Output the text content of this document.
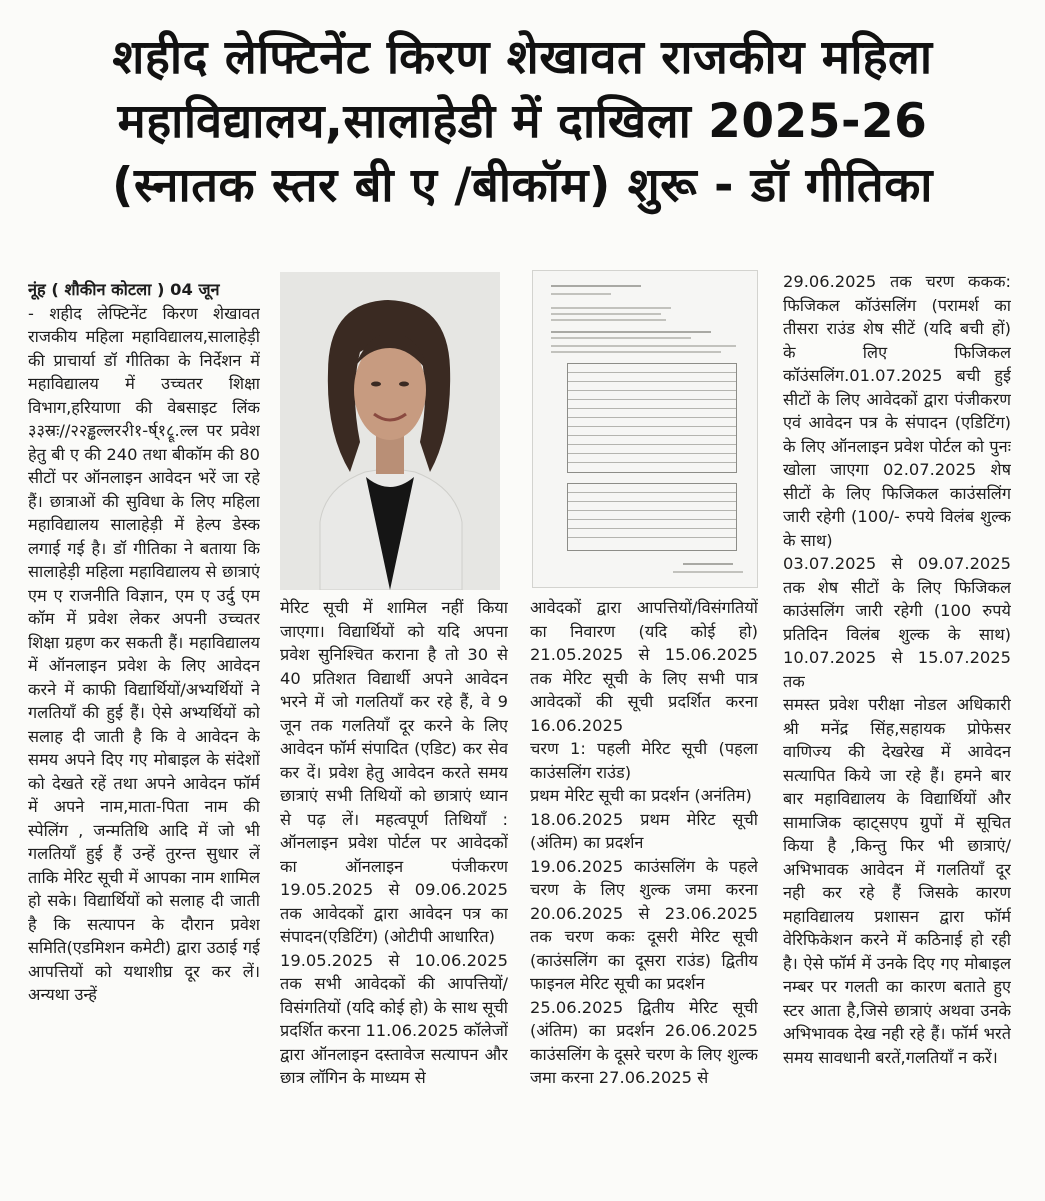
शहीद लेफ्टिनेंट किरण शेखावत राजकीय महिला
महाविद्यालय,सालाहेडी में दाखिला 2025-26
(स्नातक स्तर बी ए /बीकॉम) शुरू - डॉ गीतिका

नूंह ( शौकीन कोटला ) 04 जून

- शहीद लेफ्टिनेंट किरण शेखावत राजकीय महिला महाविद्यालय,सालाहेड़ी की प्राचार्या डॉ गीतिका के निर्देशन में महाविद्यालय में उच्चतर शिक्षा विभाग,हरियाणा की वेबसाइट लिंक ३३स्रः//२२ड्ढल्लर२ी१-र्ष्१८्रू.ल्ल पर प्रवेश हेतु बी ए की 240 तथा बीकॉम की 80 सीटों पर ऑनलाइन आवेदन भरें जा रहे हैं। छात्राओं की सुविधा के लिए महिला महाविद्यालय सालाहेड़ी में हेल्प डेस्क लगाई गई है। डॉ गीतिका ने बताया कि सालाहेड़ी महिला महाविद्यालय से छात्राएं एम ए राजनीति विज्ञान, एम ए उर्दु एम कॉम में प्रवेश लेकर अपनी उच्चतर शिक्षा ग्रहण कर सकती हैं। महाविद्यालय में ऑनलाइन प्रवेश के लिए आवेदन करने में काफी विद्यार्थियों/अभ्यर्थियों ने गलतियाँ की हुई हैं। ऐसे अभ्यर्थियों को सलाह दी जाती है कि वे आवेदन के समय अपने दिए गए मोबाइल के संदेशों को देखते रहें तथा अपने आवेदन फॉर्म में अपने नाम,माता-पिता नाम की स्पेलिंग , जन्मतिथि आदि में जो भी गलतियाँ हुई हैं उन्हें तुरन्त सुधार लें ताकि मेरिट सूची में आपका नाम शामिल हो सके। विद्यार्थियों को सलाह दी जाती है कि सत्यापन के दौरान प्रवेश समिति(एडमिशन कमेटी) द्वारा उठाई गई आपत्तियों को यथाशीघ्र दूर कर लें। अन्यथा उन्हें

मेरिट सूची में शामिल नहीं किया जाएगा। विद्यार्थियों को यदि अपना प्रवेश सुनिश्चित कराना है तो 30 से 40 प्रतिशत विद्यार्थी अपने आवेदन भरने में जो गलतियाँ कर रहे हैं, वे 9 जून तक गलतियाँ दूर करने के लिए आवेदन फॉर्म संपादित (एडिट) कर सेव कर दें। प्रवेश हेतु आवेदन करते समय छात्राएं सभी तिथियों को छात्राएं ध्यान से पढ़ लें। महत्वपूर्ण तिथियाँ : ऑनलाइन प्रवेश पोर्टल पर आवेदकों का ऑनलाइन पंजीकरण 19.05.2025 से 09.06.2025 तक आवेदकों द्वारा आवेदन पत्र का संपादन(एडिटिंग) (ओटीपी आधारित)

19.05.2025 से 10.06.2025 तक सभी आवेदकों की आपत्तियों/विसंगतियों (यदि कोई हो) के साथ सूची प्रदर्शित करना 11.06.2025 कॉलेजों द्वारा ऑनलाइन दस्तावेज सत्यापन और छात्र लॉगिन के माध्यम से

आवेदकों द्वारा आपत्तियों/विसंगतियों का निवारण (यदि कोई हो) 21.05.2025 से 15.06.2025 तक मेरिट सूची के लिए सभी पात्र आवेदकों की सूची प्रदर्शित करना 16.06.2025

चरण 1: पहली मेरिट सूची (पहला काउंसलिंग राउंड)

प्रथम मेरिट सूची का प्रदर्शन (अनंतिम)

18.06.2025 प्रथम मेरिट सूची (अंतिम) का प्रदर्शन

19.06.2025 काउंसलिंग के पहले चरण के लिए शुल्क जमा करना 20.06.2025 से 23.06.2025 तक चरण ककः दूसरी मेरिट सूची (काउंसलिंग का दूसरा राउंड) द्वितीय फाइनल मेरिट सूची का प्रदर्शन

25.06.2025 द्वितीय मेरिट सूची (अंतिम) का प्रदर्शन 26.06.2025 काउंसलिंग के दूसरे चरण के लिए शुल्क जमा करना 27.06.2025 से

29.06.2025 तक चरण ककक: फिजिकल कॉउंसलिंग (परामर्श का तीसरा राउंड शेष सीटें (यदि बची हों) के लिए फिजिकल कॉउंसलिंग.01.07.2025 बची हुई सीटों के लिए आवेदकों द्वारा पंजीकरण एवं आवेदन पत्र के संपादन (एडिटिंग) के लिए ऑनलाइन प्रवेश पोर्टल को पुनः खोला जाएगा 02.07.2025 शेष सीटों के लिए फिजिकल काउंसलिंग जारी रहेगी (100/- रुपये विलंब शुल्क के साथ)

03.07.2025 से 09.07.2025 तक शेष सीटों के लिए फिजिकल काउंसलिंग जारी रहेगी (100 रुपये प्रतिदिन विलंब शुल्क के साथ) 10.07.2025 से 15.07.2025 तक

समस्त प्रवेश परीक्षा नोडल अधिकारी श्री मनेंद्र सिंह,सहायक प्रोफेसर वाणिज्य की देखरेख में आवेदन सत्यापित किये जा रहे हैं। हमने बार बार महाविद्यालय के विद्यार्थियों और सामाजिक व्हाट्सएप ग्रुपों में सूचित किया है ,किन्तु फिर भी छात्राएं/अभिभावक आवेदन में गलतियाँ दूर नही कर रहे हैं जिसके कारण महाविद्यालय प्रशासन द्वारा फॉर्म वेरिफिकेशन करने में कठिनाई हो रही है। ऐसे फॉर्म में उनके दिए गए मोबाइल नम्बर पर गलती का कारण बताते हुए स्टर आता है,जिसे छात्राएं अथवा उनके अभिभावक देख नही रहे हैं। फॉर्म भरते समय सावधानी बरतें,गलतियाँ न करें।
